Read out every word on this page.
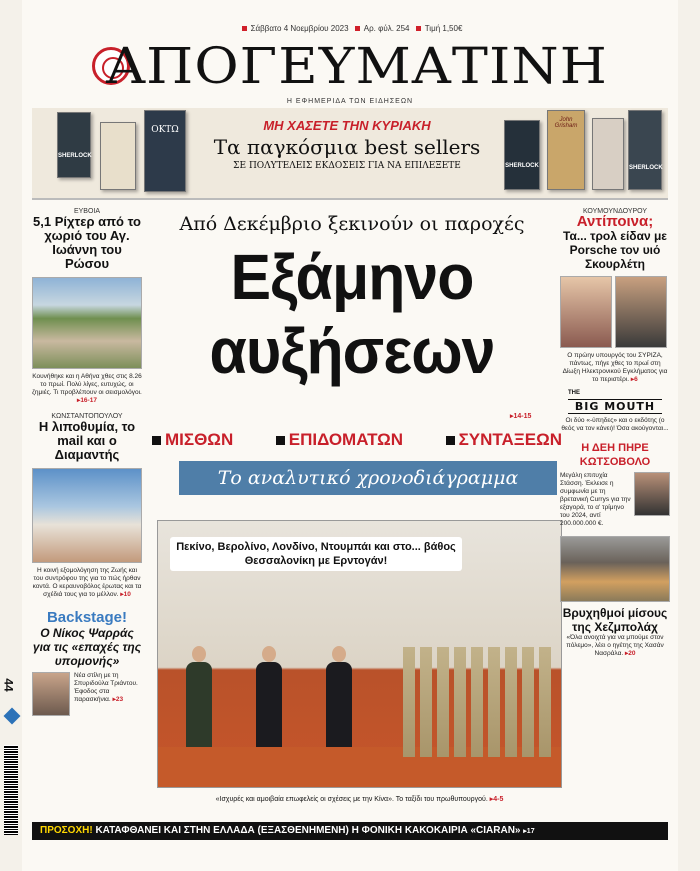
Σάββατο 4 Νοεμβρίου 2023 Αρ. φύλ. 254 Τιμή 1,50€
ΑΠΟΓΕΥΜΑΤΙΝΗ
Η ΕΦΗΜΕΡΙΔΑ ΤΩΝ ΕΙΔΗΣΕΩΝ
SHERLOCK
ΟΚΤΩ
SHERLOCK
John Grisham
SHERLOCK
ΜΗ ΧΑΣΕΤΕ ΤΗΝ ΚΥΡΙΑΚΗ
Τα παγκόσμια best sellers
ΣΕ ΠΟΛΥΤΕΛΕΙΣ ΕΚΔΟΣΕΙΣ ΓΙΑ ΝΑ ΕΠΙΛΕΞΕΤΕ
ΕΥΒΟΙΑ
5,1 Ρίχτερ από το χωριό του Αγ. Ιωάννη του Ρώσου
Κουνήθηκε και η Αθήνα χθες στις 8.26 το πρωί. Πολύ λίγες, ευτυχώς, οι ζημιές. Τι προβλέπουν οι σεισμολόγοι. ▸16-17
ΚΩΝΣΤΑΝΤΟΠΟΥΛΟΥ
Η λιποθυμία, το mail και ο Διαμαντής
Η κοινή εξομολόγηση της Ζωής και του συντρόφου της για το πώς ήρθαν κοντά. Ο κεραυνοβόλος έρωτας και τα σχέδιά τους για το μέλλον. ▸10
Backstage!
Ο Νίκος Ψαρράς για τις «επαχές της υπομονής»
Νέα στίλη με τη Σπυριδούλα Τριάντου. Έφοδος στα παρασκήνια. ▸23
44
Από Δεκέμβριο ξεκινούν οι παροχές
Εξάμηνο
αυξήσεων
▸14-15
ΜΙΣΘΩΝ	ΕΠΙΔΟΜΑΤΩΝ	ΣΥΝΤΑΞΕΩΝ
Το αναλυτικό χρονοδιάγραμμα
Πεκίνο, Βερολίνο, Λονδίνο, Ντουμπάι και στο... βάθος Θεσσαλονίκη με Ερντογάν!
«Ισχυρές και αμοιβαία επωφελείς οι σχέσεις με την Κίνα». Το ταξίδι του πρωθυπουργού. ▸4-5
ΚΟΥΜΟΥΝΔΟΥΡΟΥ
Αντίποινα;
Τα... τρολ είδαν με Porsche τον υιό Σκουρλέτη
Ο πρώην υπουργός του ΣΥΡΙΖΑ, πάντως, πήγε χθες το πρωί στη Δίωξη Ηλεκτρονικού Εγκλήματος για το περιστέρι. ▸6
THE
BIG MOUTH
Οι δύο «-ύπηδες» και ο εκδότης (ο θεός να τον κάνει)! Όσα ακούγονται...
Η ΔΕΗ ΠΗΡΕ ΚΩΤΣΟΒΟΛΟ
Μεγάλη επιτυχία Στάσση. Έκλεισε η συμφωνία με τη βρετανική Currys για την εξαγορά, το α' τρίμηνο του 2024, αντί 200.000.000 €.
Βρυχηθμοί μίσους της Χεζμπολάχ
«Όλα ανοιχτά για να μπούμε στον πόλεμο», λέει ο ηγέτης της Χασάν Νασράλα. ▸20
ΠΡΟΣΟΧΗ! ΚΑΤΑΦΘΑΝΕΙ ΚΑΙ ΣΤΗΝ ΕΛΛΑΔΑ (ΕΞΑΣΘΕΝΗΜΕΝΗ) Η ΦΟΝΙΚΗ ΚΑΚΟΚΑΙΡΙΑ «CIARAN» ▸17
